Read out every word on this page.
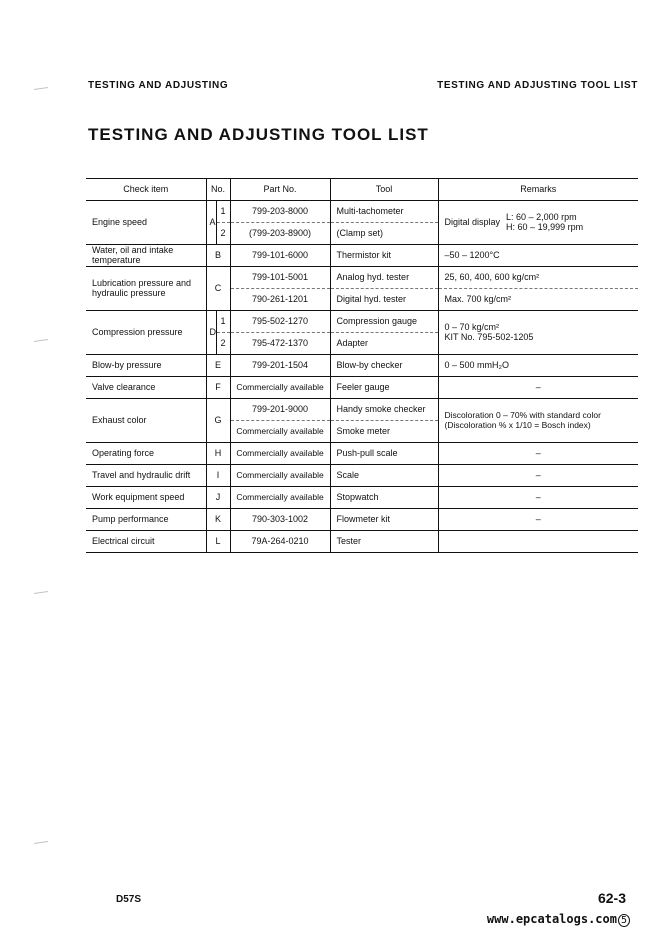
TESTING AND ADJUSTING	TESTING AND ADJUSTING TOOL LIST
TESTING AND ADJUSTING TOOL LIST
Check item	No.		Part No.	Tool	Remarks
Engine speed	A	1	799-203-8000	Multi-tachometer	Digital display L: 60 – 2,000 rpm
H: 60 – 19,999 rpm

		2	(799-203-8900)	(Clamp set)	
Water, oil and intake temperature	B		799-101-6000	Thermistor kit	–50 – 1200°C
Lubrication pressure and hydraulic pressure	C		799-101-5001	Analog hyd. tester	25, 60, 400, 600 kg/cm²
			790-261-1201	Digital hyd. tester	Max. 700 kg/cm²
Compression pressure	D	1	795-502-1270	Compression gauge	0 – 70 kg/cm²
KIT No. 795-502-1205

		2	795-472-1370	Adapter	
Blow-by pressure	E		799-201-1504	Blow-by checker	0 – 500 mmH₂O
Valve clearance	F		Commercially available	Feeler gauge	–
Exhaust color	G		799-201-9000	Handy smoke checker	Discoloration 0 – 70% with standard color
(Discoloration % x 1/10 = Bosch index)

			Commercially available	Smoke meter	
Operating force	H		Commercially available	Push-pull scale	–
Travel and hydraulic drift	I		Commercially available	Scale	–
Work equipment speed	J		Commercially available	Stopwatch	–
Pump performance	K		790-303-1002	Flowmeter kit	–
Electrical circuit	L		79A-264-0210	Tester	
D57S	62-3
www.epcatalogs.com 5
